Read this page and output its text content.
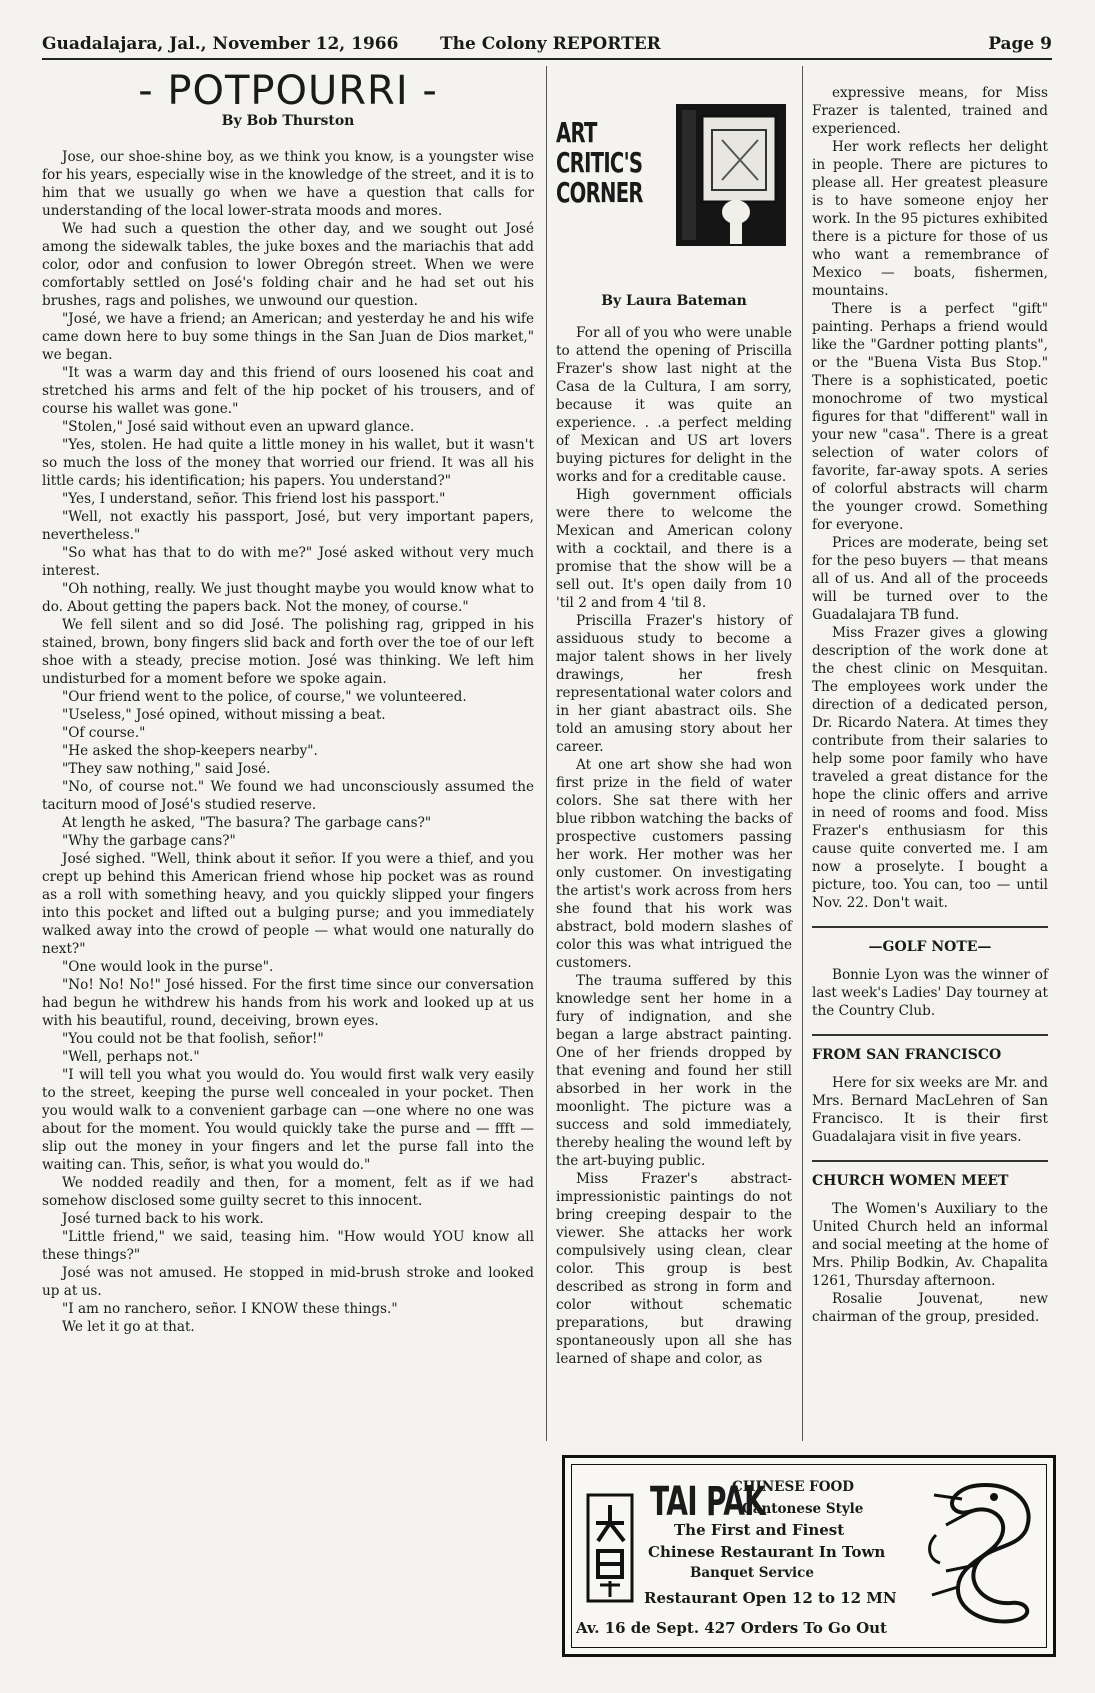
Guadalajara, Jal., November 12, 1966 The Colony REPORTER	Page 9
- POTPOURRI -
By Bob Thurston

Jose, our shoe-shine boy, as we think you know, is a youngster wise for his years, especially wise in the knowledge of the street, and it is to him that we usually go when we have a question that calls for understanding of the local lower-strata moods and mores.

We had such a question the other day, and we sought out José among the sidewalk tables, the juke boxes and the mariachis that add color, odor and confusion to lower Obregón street. When we were comfortably settled on José's folding chair and he had set out his brushes, rags and polishes, we unwound our question.

"José, we have a friend; an American; and yesterday he and his wife came down here to buy some things in the San Juan de Dios market," we began.

"It was a warm day and this friend of ours loosened his coat and stretched his arms and felt of the hip pocket of his trousers, and of course his wallet was gone."

"Stolen," José said without even an upward glance.

"Yes, stolen. He had quite a little money in his wallet, but it wasn't so much the loss of the money that worried our friend. It was all his little cards; his identification; his papers. You understand?"

"Yes, I understand, señor. This friend lost his passport."

"Well, not exactly his passport, José, but very important papers, nevertheless."

"So what has that to do with me?" José asked without very much interest.

"Oh nothing, really. We just thought maybe you would know what to do. About getting the papers back. Not the money, of course."

We fell silent and so did José. The polishing rag, gripped in his stained, brown, bony fingers slid back and forth over the toe of our left shoe with a steady, precise motion. José was thinking. We left him undisturbed for a moment before we spoke again.

"Our friend went to the police, of course," we volunteered.

"Useless," José opined, without missing a beat.

"Of course."

"He asked the shop-keepers nearby".

"They saw nothing," said José.

"No, of course not." We found we had unconsciously assumed the taciturn mood of José's studied reserve.

At length he asked, "The basura? The garbage cans?"

"Why the garbage cans?"

José sighed. "Well, think about it señor. If you were a thief, and you crept up behind this American friend whose hip pocket was as round as a roll with something heavy, and you quickly slipped your fingers into this pocket and lifted out a bulging purse; and you immediately walked away into the crowd of people — what would one naturally do next?"

"One would look in the purse".

"No! No! No!" José hissed. For the first time since our conversation had begun he withdrew his hands from his work and looked up at us with his beautiful, round, deceiving, brown eyes.

"You could not be that foolish, señor!"

"Well, perhaps not."

"I will tell you what you would do. You would first walk very easily to the street, keeping the purse well concealed in your pocket. Then you would walk to a convenient garbage can —one where no one was about for the moment. You would quickly take the purse and — ffft — slip out the money in your fingers and let the purse fall into the waiting can. This, señor, is what you would do."

We nodded readily and then, for a moment, felt as if we had somehow disclosed some guilty secret to this innocent.

José turned back to his work.

"Little friend," we said, teasing him. "How would YOU know all these things?"

José was not amused. He stopped in mid-brush stroke and looked up at us.

"I am no ranchero, señor. I KNOW these things."

We let it go at that.

ART
CRITIC'S
CORNER
By Laura Bateman

For all of you who were unable to attend the opening of Priscilla Frazer's show last night at the Casa de la Cultura, I am sorry, because it was quite an experience. . .a perfect melding of Mexican and US art lovers buying pictures for delight in the works and for a creditable cause.

High government officials were there to welcome the Mexican and American colony with a cocktail, and there is a promise that the show will be a sell out. It's open daily from 10 'til 2 and from 4 'til 8.

Priscilla Frazer's history of assiduous study to become a major talent shows in her lively drawings, her fresh representational water colors and in her giant abastract oils. She told an amusing story about her career.

At one art show she had won first prize in the field of water colors. She sat there with her blue ribbon watching the backs of prospective customers passing her work. Her mother was her only customer. On investigating the artist's work across from hers she found that his work was abstract, bold modern slashes of color this was what intrigued the customers.

The trauma suffered by this knowledge sent her home in a fury of indignation, and she began a large abstract painting. One of her friends dropped by that evening and found her still absorbed in her work in the moonlight. The picture was a success and sold immediately, thereby healing the wound left by the art-buying public.

Miss Frazer's abstract-impressionistic paintings do not bring creeping despair to the viewer. She attacks her work compulsively using clean, clear color. This group is best described as strong in form and color without schematic preparations, but drawing spontaneously upon all she has learned of shape and color, as

expressive means, for Miss Frazer is talented, trained and experienced.

Her work reflects her delight in people. There are pictures to please all. Her greatest pleasure is to have someone enjoy her work. In the 95 pictures exhibited there is a picture for those of us who want a remembrance of Mexico — boats, fishermen, mountains.

There is a perfect "gift" painting. Perhaps a friend would like the "Gardner potting plants", or the "Buena Vista Bus Stop." There is a sophisticated, poetic monochrome of two mystical figures for that "different" wall in your new "casa". There is a great selection of water colors of favorite, far-away spots. A series of colorful abstracts will charm the younger crowd. Something for everyone.

Prices are moderate, being set for the peso buyers — that means all of us. And all of the proceeds will be turned over to the Guadalajara TB fund.

Miss Frazer gives a glowing description of the work done at the chest clinic on Mesquitan. The employees work under the direction of a dedicated person, Dr. Ricardo Natera. At times they contribute from their salaries to help some poor family who have traveled a great distance for the hope the clinic offers and arrive in need of rooms and food. Miss Frazer's enthusiasm for this cause quite converted me. I am now a proselyte. I bought a picture, too. You can, too — until Nov. 22. Don't wait.

—GOLF NOTE—

Bonnie Lyon was the winner of last week's Ladies' Day tourney at the Country Club.

FROM SAN FRANCISCO

Here for six weeks are Mr. and Mrs. Bernard MacLehren of San Francisco. It is their first Guadalajara visit in five years.

CHURCH WOMEN MEET

The Women's Auxiliary to the United Church held an informal and social meeting at the home of Mrs. Philip Bodkin, Av. Chapalita 1261, Thursday afternoon.

Rosalie Jouvenat, new chairman of the group, presided.

TAI PAK
CHINESE FOOD
Cantonese Style
The First and Finest
Chinese Restaurant In Town
Banquet Service
Restaurant Open 12 to 12 MN
Av. 16 de Sept. 427 Orders To Go Out
